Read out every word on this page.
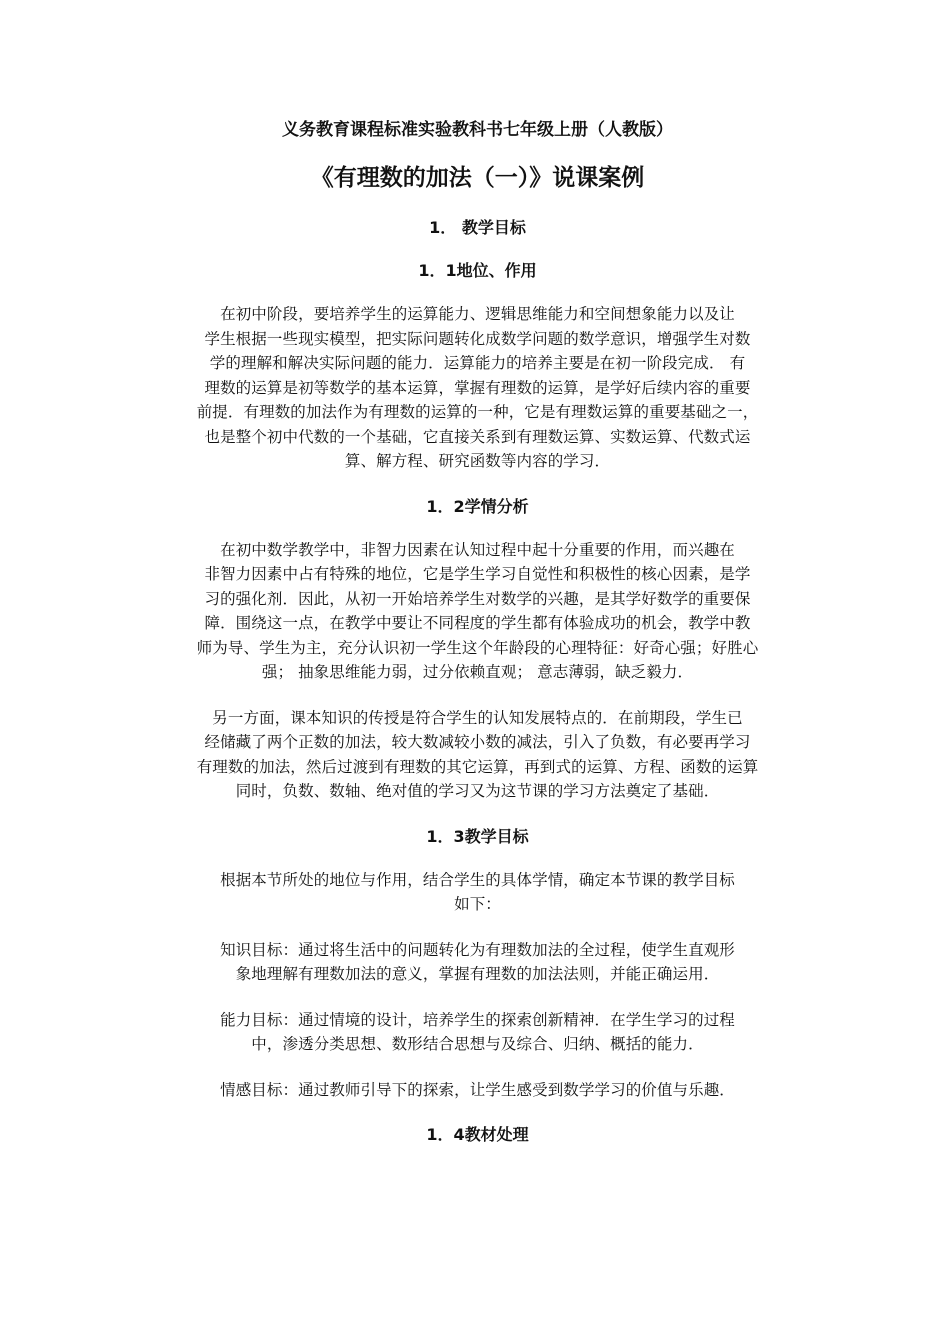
义务教育课程标准实验教科书七年级上册（人教版）
《有理数的加法（一）》说课案例
1． 教学目标
1．1地位、作用
在初中阶段，要培养学生的运算能力、逻辑思维能力和空间想象能力以及让
学生根据一些现实模型，把实际问题转化成数学问题的数学意识，增强学生对数
学的理解和解决实际问题的能力．运算能力的培养主要是在初一阶段完成． 有
理数的运算是初等数学的基本运算，掌握有理数的运算，是学好后续内容的重要
前提．有理数的加法作为有理数的运算的一种，它是有理数运算的重要基础之一，
也是整个初中代数的一个基础，它直接关系到有理数运算、实数运算、代数式运
算、解方程、研究函数等内容的学习．
1．2学情分析
在初中数学教学中，非智力因素在认知过程中起十分重要的作用，而兴趣在
非智力因素中占有特殊的地位，它是学生学习自觉性和积极性的核心因素，是学
习的强化剂．因此，从初一开始培养学生对数学的兴趣，是其学好数学的重要保
障．围绕这一点，在教学中要让不同程度的学生都有体验成功的机会，教学中教
师为导、学生为主，充分认识初一学生这个年龄段的心理特征：好奇心强；好胜心
强； 抽象思维能力弱，过分依赖直观； 意志薄弱，缺乏毅力．
另一方面，课本知识的传授是符合学生的认知发展特点的．在前期段，学生已
经储藏了两个正数的加法，较大数减较小数的减法，引入了负数，有必要再学习
有理数的加法，然后过渡到有理数的其它运算，再到式的运算、方程、函数的运算
同时，负数、数轴、绝对值的学习又为这节课的学习方法奠定了基础．
1．3教学目标
根据本节所处的地位与作用，结合学生的具体学情，确定本节课的教学目标
如下：
知识目标：通过将生活中的问题转化为有理数加法的全过程，使学生直观形
象地理解有理数加法的意义，掌握有理数的加法法则，并能正确运用．
能力目标：通过情境的设计，培养学生的探索创新精神．在学生学习的过程
中，渗透分类思想、数形结合思想与及综合、归纳、概括的能力．
情感目标：通过教师引导下的探索，让学生感受到数学学习的价值与乐趣．
1．4教材处理
